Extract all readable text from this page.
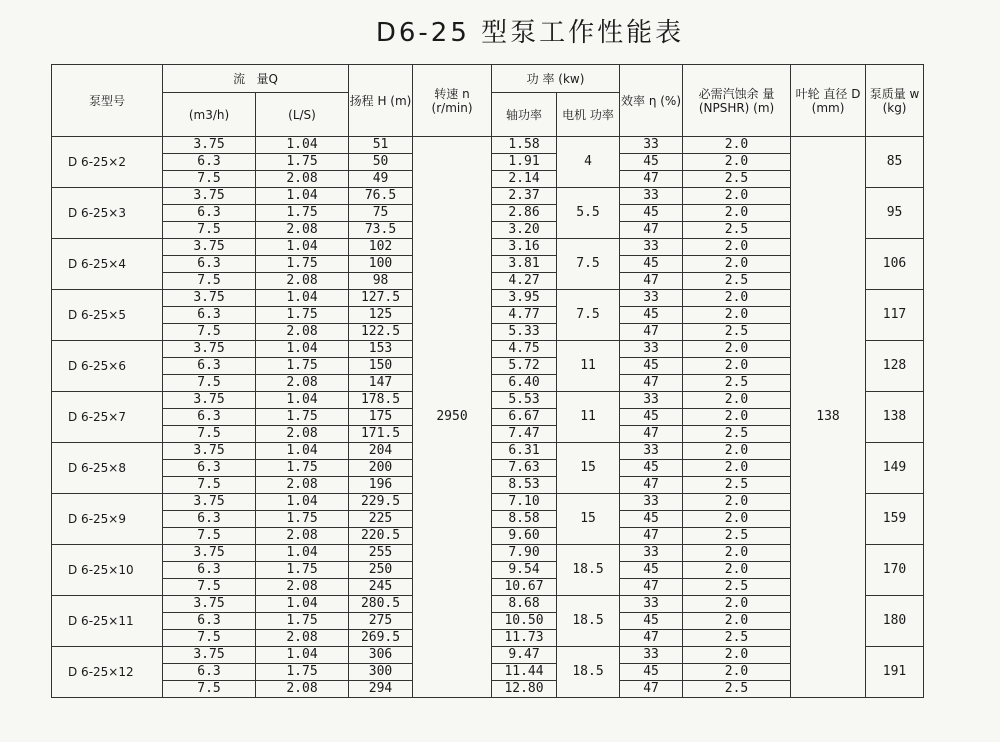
D6-25 型泵工作性能表
泵型号	流   量Q		扬程 H (m)	转速 n (r/min)	功 率 (kw)		效率 η (%)	必需汽蚀余 量(NPSHR) (m)	叶轮 直径 D (mm)	泵质量 w (kg)
	(m3/h)	(L/S)			轴功率	电机 功率				
D 6-25×2	3.75	1.04	51	2950	1.58	4	33	2.0	138	85
	6.3	1.75	50		1.91		45	2.0		
	7.5	2.08	49		2.14		47	2.5		
D 6-25×3	3.75	1.04	76.5		2.37	5.5	33	2.0		95
	6.3	1.75	75		2.86		45	2.0		
	7.5	2.08	73.5		3.20		47	2.5		
D 6-25×4	3.75	1.04	102		3.16	7.5	33	2.0		106
	6.3	1.75	100		3.81		45	2.0		
	7.5	2.08	98		4.27		47	2.5		
D 6-25×5	3.75	1.04	127.5		3.95	7.5	33	2.0		117
	6.3	1.75	125		4.77		45	2.0		
	7.5	2.08	122.5		5.33		47	2.5		
D 6-25×6	3.75	1.04	153		4.75	11	33	2.0		128
	6.3	1.75	150		5.72		45	2.0		
	7.5	2.08	147		6.40		47	2.5		
D 6-25×7	3.75	1.04	178.5		5.53	11	33	2.0		138
	6.3	1.75	175		6.67		45	2.0		
	7.5	2.08	171.5		7.47		47	2.5		
D 6-25×8	3.75	1.04	204		6.31	15	33	2.0		149
	6.3	1.75	200		7.63		45	2.0		
	7.5	2.08	196		8.53		47	2.5		
D 6-25×9	3.75	1.04	229.5		7.10	15	33	2.0		159
	6.3	1.75	225		8.58		45	2.0		
	7.5	2.08	220.5		9.60		47	2.5		
D 6-25×10	3.75	1.04	255		7.90	18.5	33	2.0		170
	6.3	1.75	250		9.54		45	2.0		
	7.5	2.08	245		10.67		47	2.5		
D 6-25×11	3.75	1.04	280.5		8.68	18.5	33	2.0		180
	6.3	1.75	275		10.50		45	2.0		
	7.5	2.08	269.5		11.73		47	2.5		
D 6-25×12	3.75	1.04	306		9.47	18.5	33	2.0		191
	6.3	1.75	300		11.44		45	2.0		
	7.5	2.08	294		12.80		47	2.5		
